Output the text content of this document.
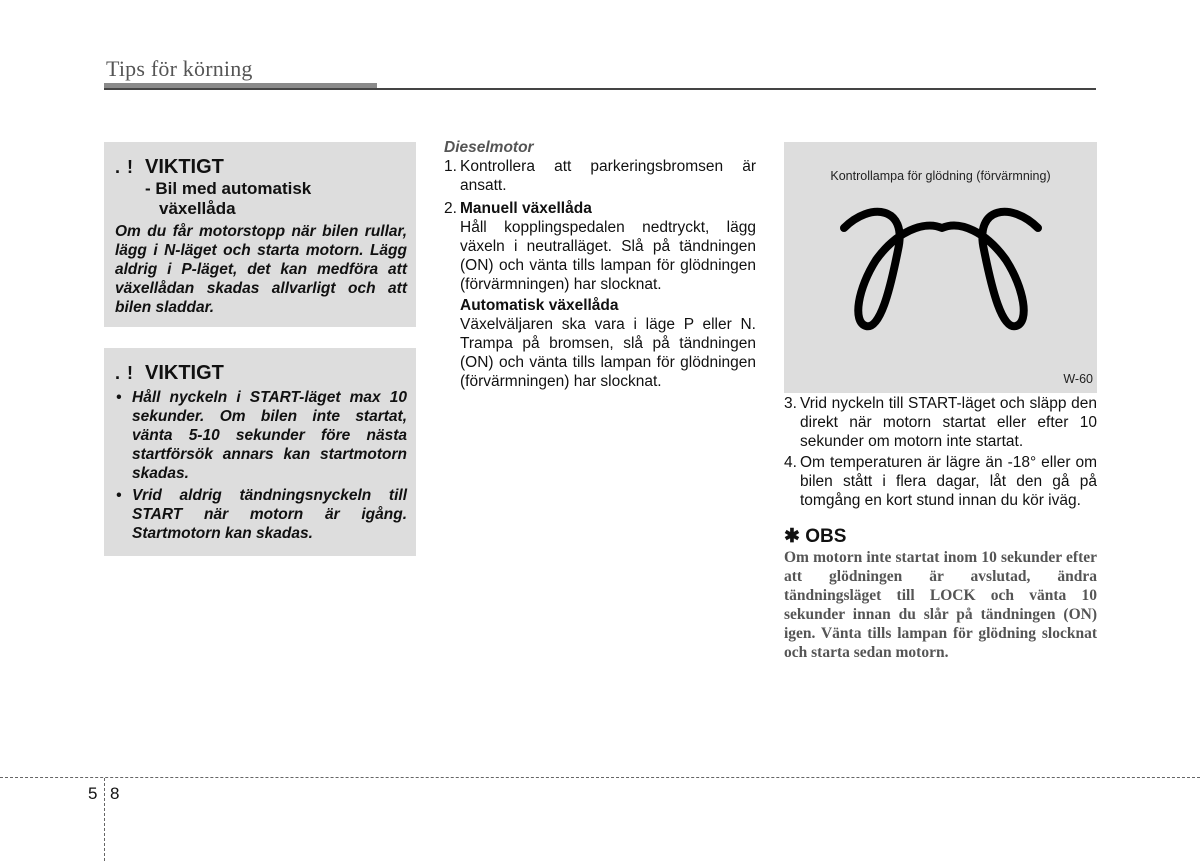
Tips för körning
. ! VIKTIGT
- Bil med automatisk
växellåda
Om du får motorstopp när bilen rullar, lägg i N-läget och starta motorn. Lägg aldrig i P-läget, det kan medföra att växellådan skadas allvarligt och att bilen sladdar.
. ! VIKTIGT
• Håll nyckeln i START-läget max 10 sekunder. Om bilen inte startat, vänta 5-10 sekunder före nästa startförsök annars kan startmotorn skadas.
• Vrid aldrig tändningsnyckeln till START när motorn är igång. Startmotorn kan skadas.
Dieselmotor
1. Kontrollera att parkeringsbromsen är ansatt.
2. Manuell växellåda
Håll kopplingspedalen nedtryckt, lägg växeln i neutralläget. Slå på tändningen (ON) och vänta tills lampan för glödningen (förvärmningen) har slocknat.
Automatisk växellåda
Växelväljaren ska vara i läge P eller N. Trampa på bromsen, slå på tändningen (ON) och vänta tills lampan för glödningen (förvärmningen) har slocknat.
Kontrollampa för glödning (förvärmning)
W-60
3. Vrid nyckeln till START-läget och släpp den direkt när motorn startat eller efter 10 sekunder om motorn inte startat.
4. Om temperaturen är lägre än -18° eller om bilen stått i flera dagar, låt den gå på tomgång en kort stund innan du kör iväg.
✱ OBS
Om motorn inte startat inom 10 sekunder efter att glödningen är avslutad, ändra tändningsläget till LOCK och vänta 10 sekunder innan du slår på tändningen (ON) igen. Vänta tills lampan för glödning slocknat och starta sedan motorn.
5 8
